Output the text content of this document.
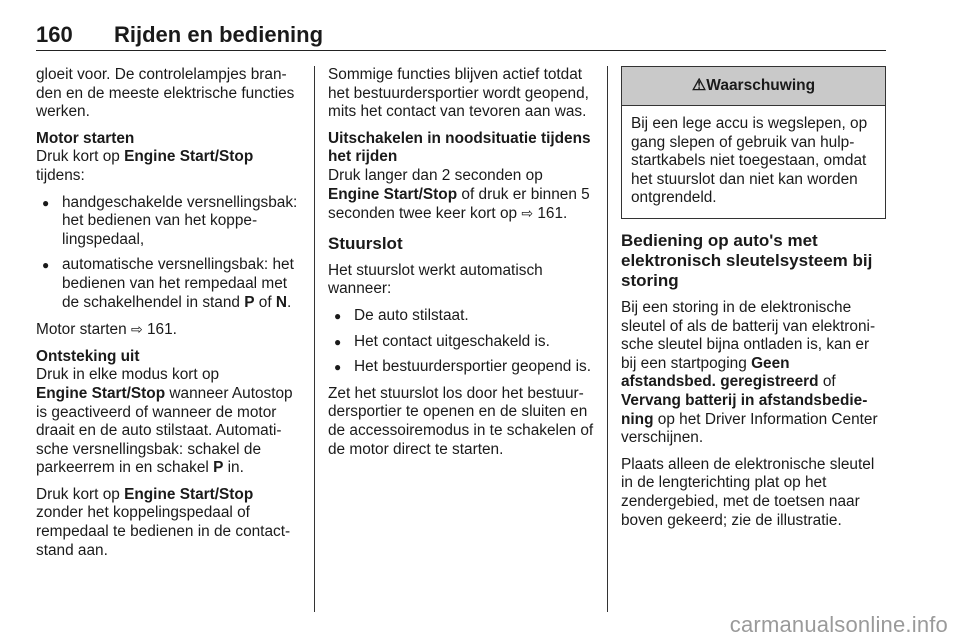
160 Rijden en bediening

gloeit voor. De controlelampjes branden en de meeste elektrische functies werken.

Motor starten

Druk kort op Engine Start/Stop
tijdens:

● handgeschakelde versnellingsbak: het bedienen van het koppelingspedaal,
● automatische versnellingsbak: het bedienen van het rempedaal met de schakelhendel in stand P of N.

Motor starten ⇨ 161.

Ontsteking uit

Druk in elke modus kort op
Engine Start/Stop wanneer Autostop is geactiveerd of wanneer de motor draait en de auto stilstaat. Automatische versnellingsbak: schakel de parkeerrem in en schakel P in.

Druk kort op Engine Start/Stop
zonder het koppelingspedaal of rempedaal te bedienen in de contactstand aan.

Sommige functies blijven actief totdat het bestuurdersportier wordt geopend, mits het contact van tevoren aan was.

Uitschakelen in noodsituatie tijdens het rijden

Druk langer dan 2 seconden op
Engine Start/Stop of druk er binnen 5 seconden twee keer kort op ⇨ 161.

Stuurslot

Het stuurslot werkt automatisch wanneer:

● De auto stilstaat.
● Het contact uitgeschakeld is.
● Het bestuurdersportier geopend is.

Zet het stuurslot los door het bestuurdersportier te openen en de sluiten en de accessoiremodus in te schakelen of de motor direct te starten.

⚠Waarschuwing
Bij een lege accu is wegslepen, op gang slepen of gebruik van hulpstartkabels niet toegestaan, omdat het stuurslot dan niet kan worden ontgrendeld.
Bediening op auto's met elektronisch sleutelsysteem bij storing

Bij een storing in de elektronische sleutel of als de batterij van elektronische sleutel bijna ontladen is, kan er bij een startpoging Geen afstandsbed. geregistreerd of Vervang batterij in afstandsbediening op het Driver Information Center verschijnen.

Plaats alleen de elektronische sleutel in de lengterichting plat op het zendergebied, met de toetsen naar boven gekeerd; zie de illustratie.

carmanualsonline.info
